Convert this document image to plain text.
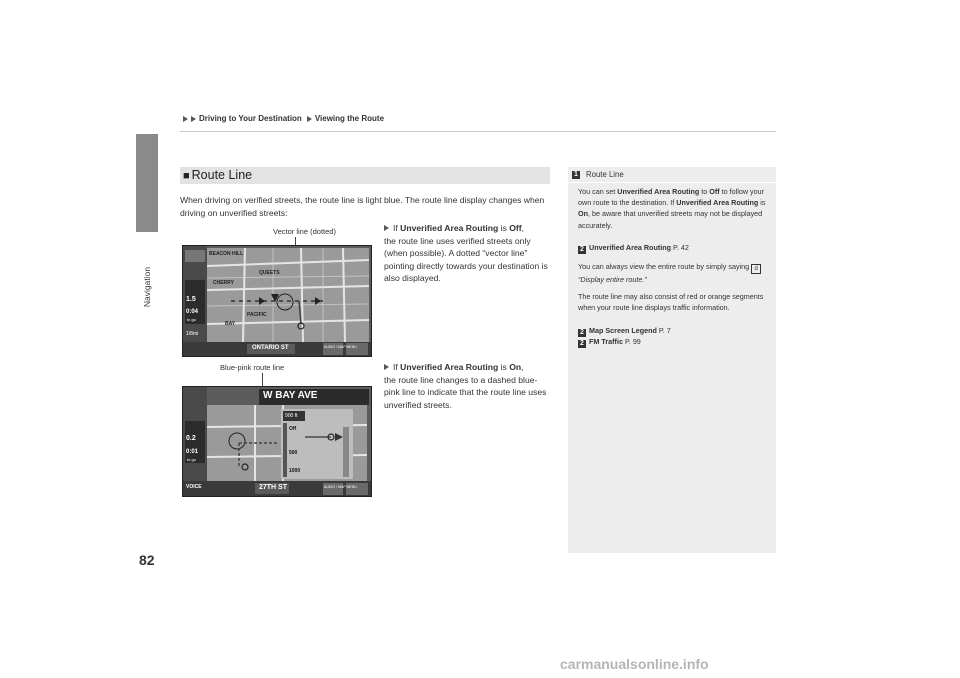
Navigation
82
Driving to Your Destination Viewing the Route
■ Route Line
When driving on verified streets, the route line is light blue. The route line display changes when driving on unverified streets:
Vector line (dotted)
BEACON HILL
QUEETS
CHERRY
PACIFIC
BAY
1.5
0:04
to go
1/8mi
ONTARIO ST	AUDIO / MAP MENU
If Unverified Area Routing is Off,
the route line uses verified streets only (when possible). A dotted “vector line” pointing directly towards your destination is also displayed.
Blue-pink route line
W BAY AVE
900 ft
Off
500
1000
0.2
0:01
to go
VOICE	27TH ST	AUDIO / MAP MENU
If Unverified Area Routing is On,
the route line changes to a dashed blue-pink line to indicate that the route line uses unverified streets.
1 Route Line
You can set Unverified Area Routing to Off to follow your own route to the destination. If Unverified Area Routing is On, be aware that unverified streets may not be displayed accurately.
2 Unverified Area Routing P. 42
You can always view the entire route by simply saying d“Display entire route.”
The route line may also consist of red or orange segments when your route line displays traffic information.
2 Map Screen Legend P. 7
2 FM Traffic P. 99
carmanualsonline.info
